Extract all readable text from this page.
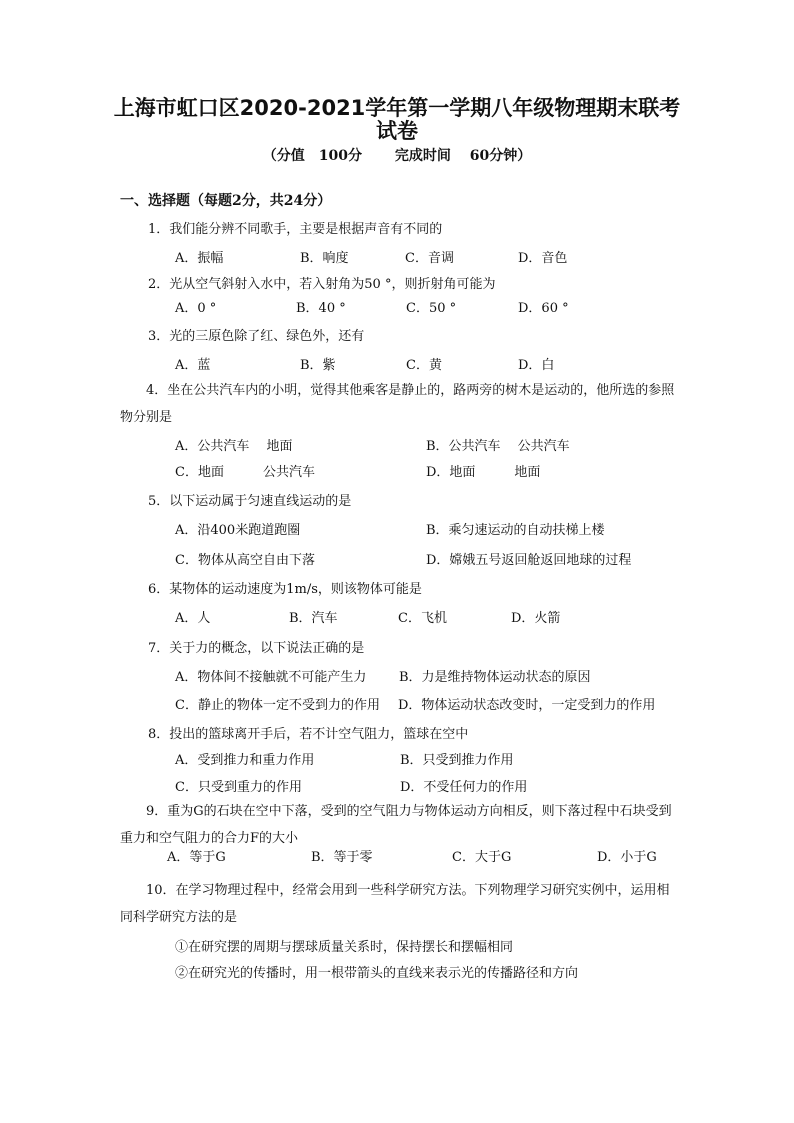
上海市虹口区2020-2021学年第一学期八年级物理期末联考
试卷
（分值　100分　　 完成时间　 60分钟）
一、选择题（每题2分，共24分）
1．我们能分辨不同歌手，主要是根据声音有不同的
A．振幅	B．响度	C．音调	D．音色
2．光从空气斜射入水中，若入射角为50 °，则折射角可能为
A．0 °	B．40 °	C．50 °	D．60 °
3．光的三原色除了红、绿色外，还有
A．蓝	B．紫	C．黄	D．白
4．坐在公共汽车内的小明，觉得其他乘客是静止的，路两旁的树木是运动的，他所选的参照物分别是
A．公共汽车　 地面	B．公共汽车　 公共汽车
C．地面　　　公共汽车	D．地面　　　地面
5．以下运动属于匀速直线运动的是
A．沿400米跑道跑圈	B．乘匀速运动的自动扶梯上楼
C．物体从高空自由下落	D．嫦娥五号返回舱返回地球的过程
6．某物体的运动速度为1m/s，则该物体可能是
A．人	B．汽车	C．飞机	D．火箭
7．关于力的概念，以下说法正确的是
A．物体间不接触就不可能产生力	B．力是维持物体运动状态的原因
C．静止的物体一定不受到力的作用 D．物体运动状态改变时，一定受到力的作用
8．投出的篮球离开手后，若不计空气阻力，篮球在空中
A．受到推力和重力作用	B．只受到推力作用
C．只受到重力的作用	D．不受任何力的作用
9．重为G的石块在空中下落，受到的空气阻力与物体运动方向相反，则下落过程中石块受到重力和空气阻力的合力F的大小
A．等于G	B．等于零	C．大于G	D．小于G
10．在学习物理过程中，经常会用到一些科学研究方法。下列物理学习研究实例中，运用相同科学研究方法的是
①在研究摆的周期与摆球质量关系时，保持摆长和摆幅相同
②在研究光的传播时，用一根带箭头的直线来表示光的传播路径和方向
